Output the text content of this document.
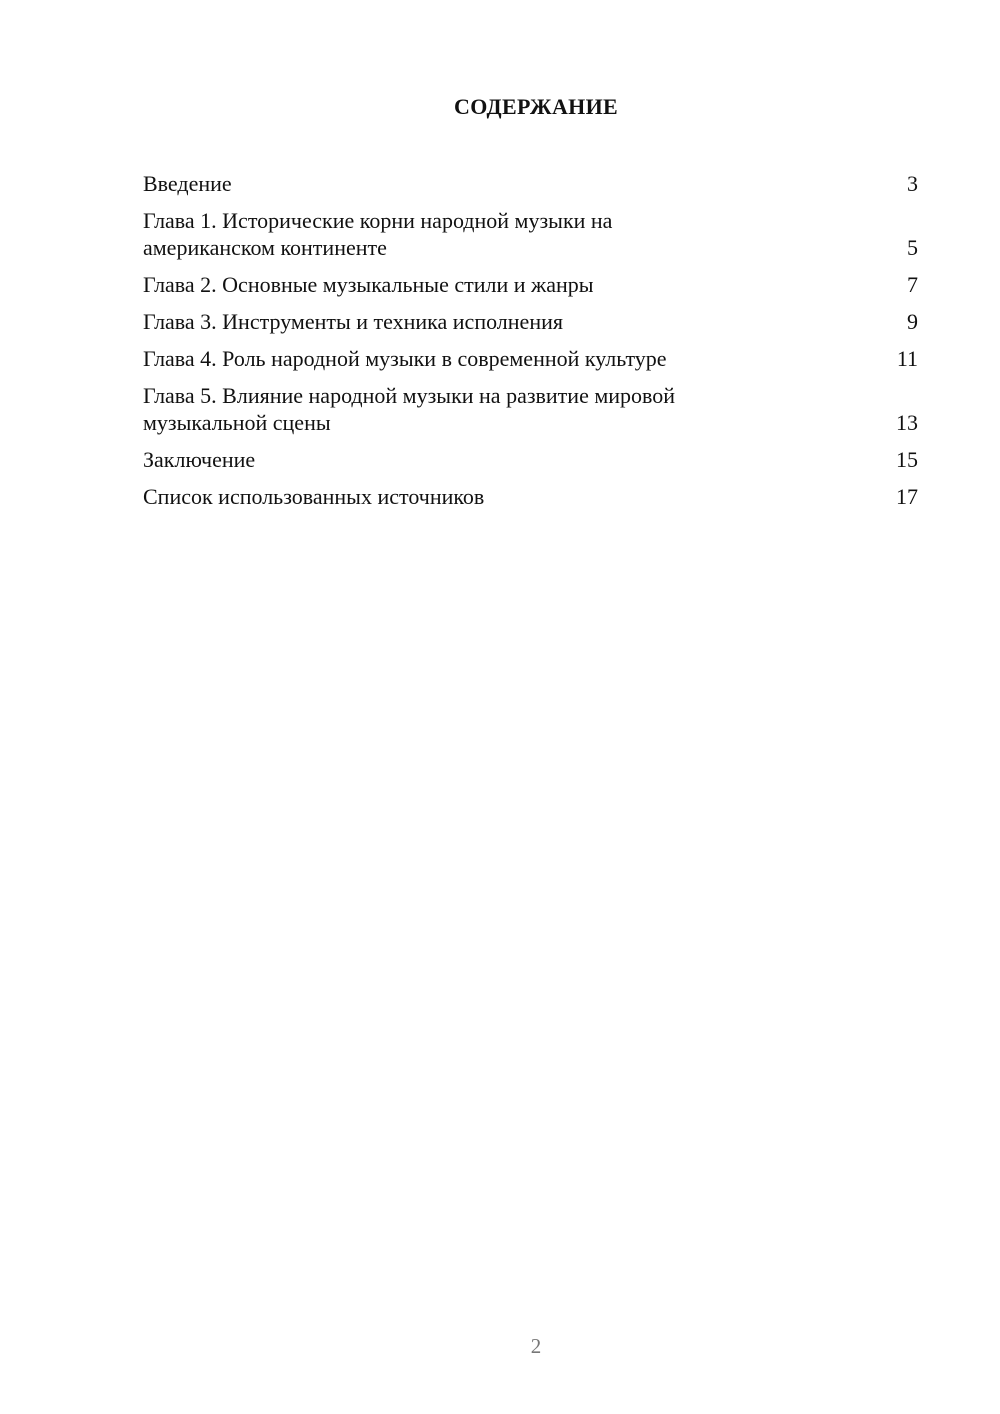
СОДЕРЖАНИЕ
Введение	3
Глава 1. Исторические корни народной музыки на
американском континенте	5
Глава 2. Основные музыкальные стили и жанры	7
Глава 3. Инструменты и техника исполнения	9
Глава 4. Роль народной музыки в современной культуре	11
Глава 5. Влияние народной музыки на развитие мировой
музыкальной сцены	13
Заключение	15
Список использованных источников	17
2
